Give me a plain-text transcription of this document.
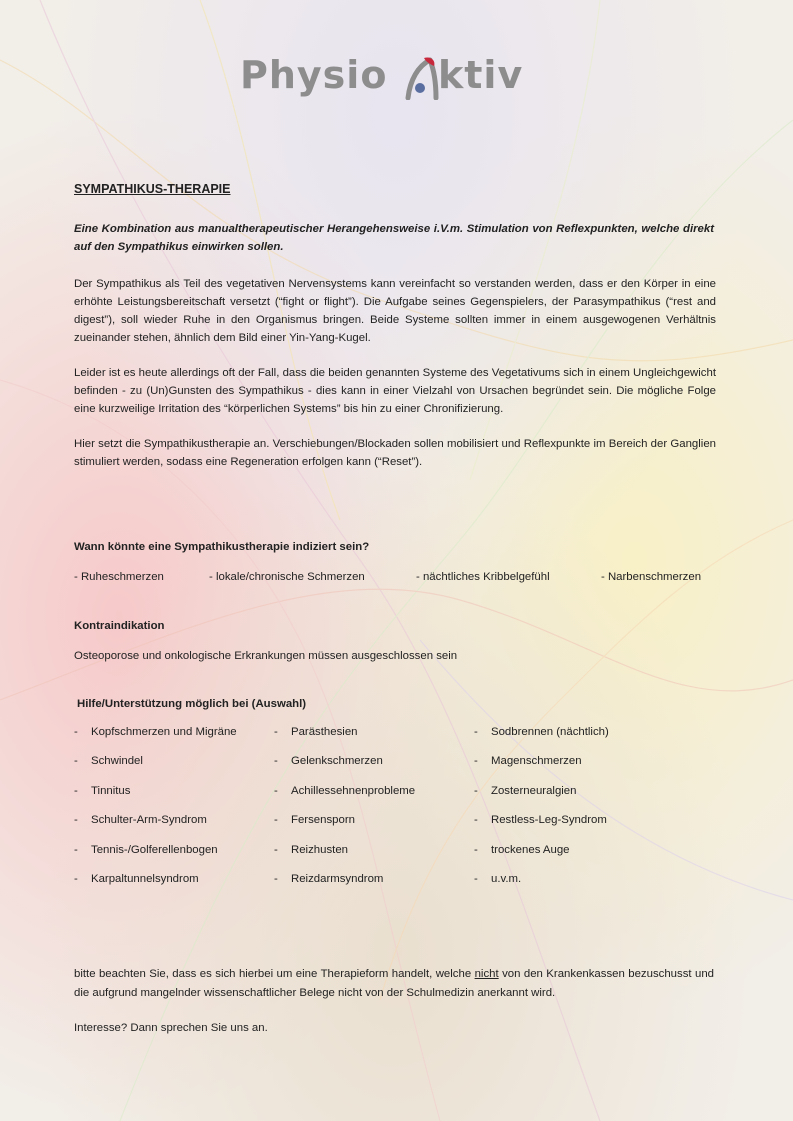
Physio ktiv
SYMPATHIKUS-THERAPIE
Eine Kombination aus manualtherapeutischer Herangehensweise i.V.m. Stimulation von Reflexpunkten, welche direkt auf den Sympathikus einwirken sollen.
Der Sympathikus als Teil des vegetativen Nervensystems kann vereinfacht so verstanden werden, dass er den Körper in eine erhöhte Leistungsbereitschaft versetzt (“fight or flight”). Die Aufgabe seines Gegenspielers, der Parasympathikus (“rest and digest”), soll wieder Ruhe in den Organismus bringen. Beide Systeme sollten immer in einem ausgewogenen Verhältnis zueinander stehen, ähnlich dem Bild einer Yin-Yang-Kugel.
Leider ist es heute allerdings oft der Fall, dass die beiden genannten Systeme des Vegetativums sich in einem Ungleichgewicht befinden - zu (Un)Gunsten des Sympathikus - dies kann in einer Vielzahl von Ursachen begründet sein. Die mögliche Folge eine kurzweilige Irritation des “körperlichen Systems” bis hin zu einer Chronifizierung.
Hier setzt die Sympathikustherapie an. Verschiebungen/Blockaden sollen mobilisiert und Reflexpunkte im Bereich der Ganglien stimuliert werden, sodass eine Regeneration erfolgen kann (“Reset”).
Wann könnte eine Sympathikustherapie indiziert sein?
- Ruheschmerzen	- lokale/chronische Schmerzen	- nächtliches Kribbelgefühl	- Narbenschmerzen
Kontraindikation
Osteoporose und onkologische Erkrankungen müssen ausgeschlossen sein
Hilfe/Unterstützung möglich bei (Auswahl)
- Kopfschmerzen und Migräne
- Schwindel
- Tinnitus
- Schulter-Arm-Syndrom
- Tennis-/Golferellenbogen
- Karpaltunnelsyndrom
- Parästhesien
- Gelenkschmerzen
- Achillessehnenprobleme
- Fersensporn
- Reizhusten
- Reizdarmsyndrom
- Sodbrennen (nächtlich)
- Magenschmerzen
- Zosterneuralgien
- Restless-Leg-Syndrom
- trockenes Auge
- u.v.m.
bitte beachten Sie, dass es sich hierbei um eine Therapieform handelt, welche nicht von den Krankenkassen bezuschusst und die aufgrund mangelnder wissenschaftlicher Belege nicht von der Schulmedizin anerkannt wird.
Interesse? Dann sprechen Sie uns an.
